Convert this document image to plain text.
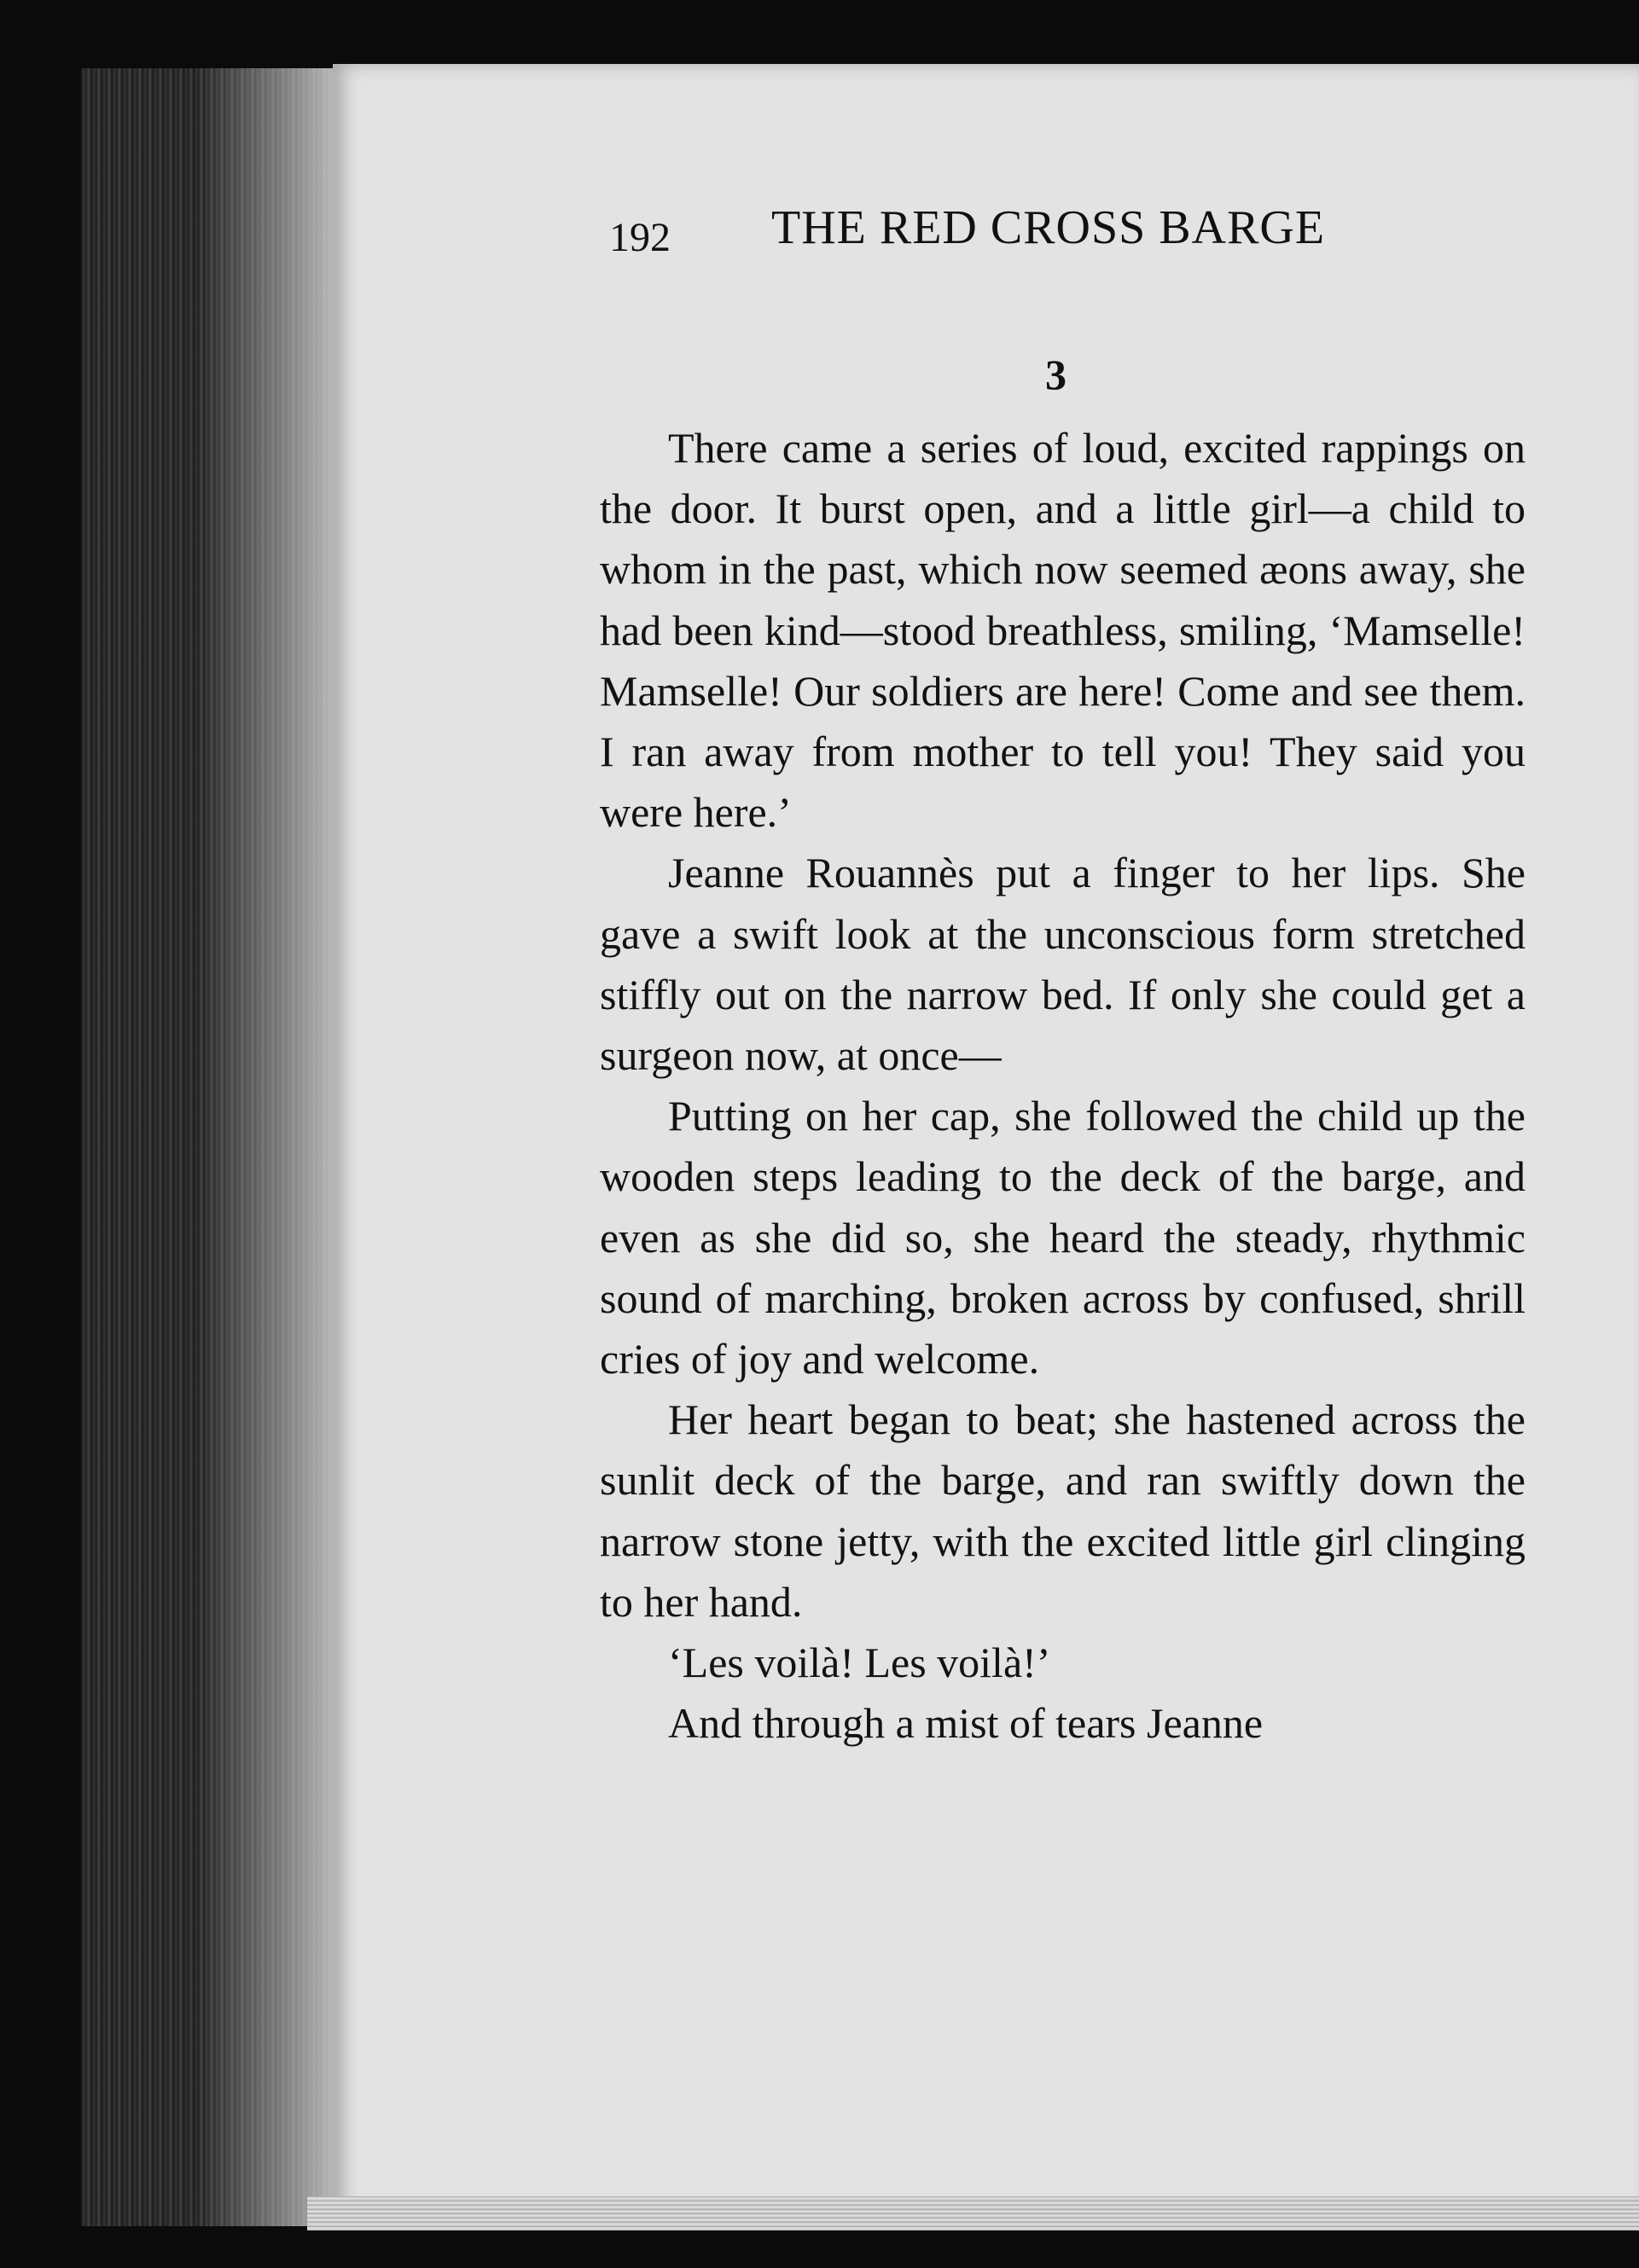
192 THE RED CROSS BARGE
3

There came a series of loud, excited rappings on the door. It burst open, and a little girl—a child to whom in the past, which now seemed æons away, she had been kind—stood breathless, smiling, ‘Mamselle! Mamselle! Our soldiers are here! Come and see them. I ran away from mother to tell you! They said you were here.’

Jeanne Rouannès put a finger to her lips. She gave a swift look at the unconscious form stretched stiffly out on the narrow bed. If only she could get a surgeon now, at once—

Putting on her cap, she followed the child up the wooden steps leading to the deck of the barge, and even as she did so, she heard the steady, rhythmic sound of marching, broken across by confused, shrill cries of joy and welcome.

Her heart began to beat; she hastened across the sunlit deck of the barge, and ran swiftly down the narrow stone jetty, with the excited little girl clinging to her hand.

‘Les voilà! Les voilà!’

And through a mist of tears Jeanne
